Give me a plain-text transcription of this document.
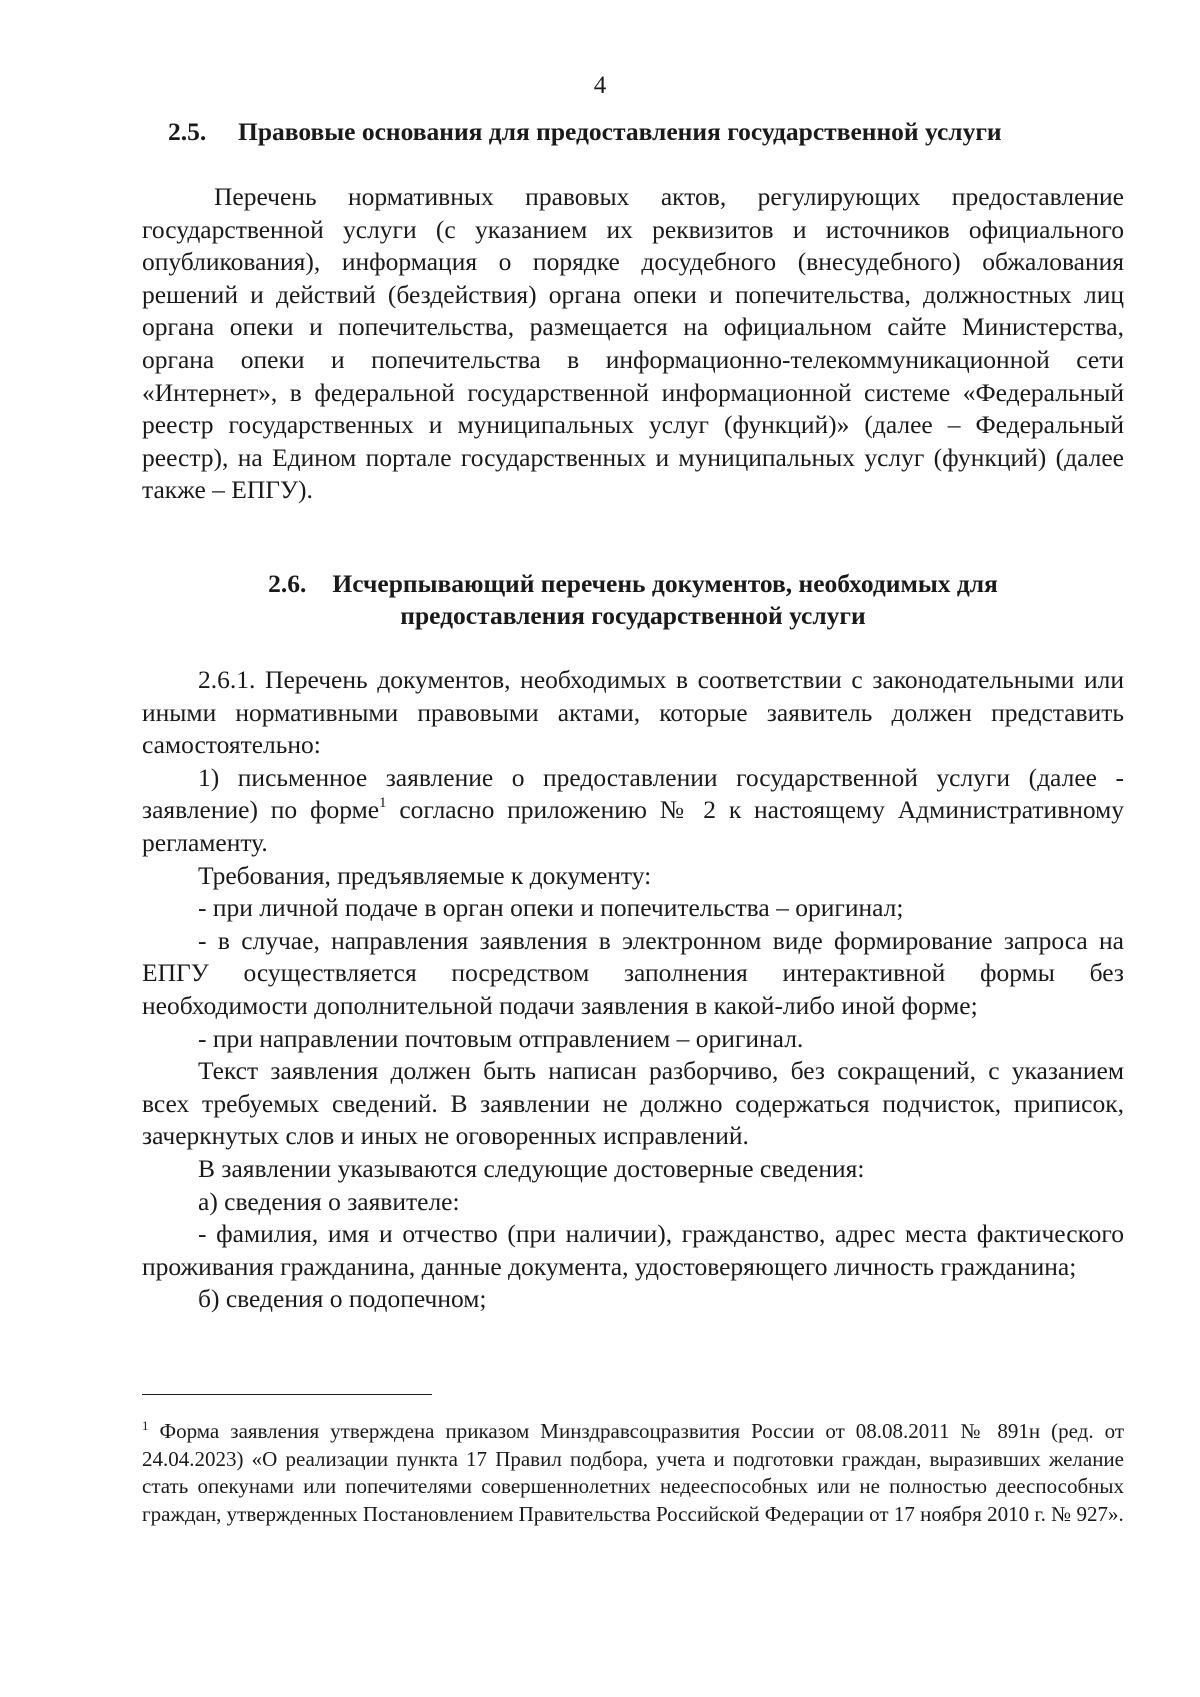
4
2.5. Правовые основания для предоставления государственной услуги

Перечень нормативных правовых актов, регулирующих предоставление государственной услуги (с указанием их реквизитов и источников официального опубликования), информация о порядке досудебного (внесудебного) обжалования решений и действий (бездействия) органа опеки и попечительства, должностных лиц органа опеки и попечительства, размещается на официальном сайте Министерства, органа опеки и попечительства в информационно-телекоммуникационной сети «Интернет», в федеральной государственной информационной системе «Федеральный реестр государственных и муниципальных услуг (функций)» (далее – Федеральный реестр), на Едином портале государственных и муниципальных услуг (функций) (далее также – ЕПГУ).

2.6. Исчерпывающий перечень документов, необходимых для
предоставления государственной услуги

2.6.1. Перечень документов, необходимых в соответствии с законодательными или иными нормативными правовыми актами, которые заявитель должен представить самостоятельно:

1) письменное заявление о предоставлении государственной услуги (далее - заявление) по форме$^1$ согласно приложению № 2 к настоящему Административному регламенту.

Требования, предъявляемые к документу:

- при личной подаче в орган опеки и попечительства – оригинал;

- в случае, направления заявления в электронном виде формирование запроса на ЕПГУ осуществляется посредством заполнения интерактивной формы без необходимости дополнительной подачи заявления в какой-либо иной форме;

- при направлении почтовым отправлением – оригинал.

Текст заявления должен быть написан разборчиво, без сокращений, с указанием всех требуемых сведений. В заявлении не должно содержаться подчисток, приписок, зачеркнутых слов и иных не оговоренных исправлений.

В заявлении указываются следующие достоверные сведения:

а) сведения о заявителе:

- фамилия, имя и отчество (при наличии), гражданство, адрес места фактического проживания гражданина, данные документа, удостоверяющего личность гражданина;

б) сведения о подопечном;

$^1$ Форма заявления утверждена приказом Минздравсоцразвития России от 08.08.2011 № 891н (ред. от 24.04.2023) «О реализации пункта 17 Правил подбора, учета и подготовки граждан, выразивших желание стать опекунами или попечителями совершеннолетних недееспособных или не полностью дееспособных граждан, утвержденных Постановлением Правительства Российской Федерации от 17 ноября 2010 г. № 927».
